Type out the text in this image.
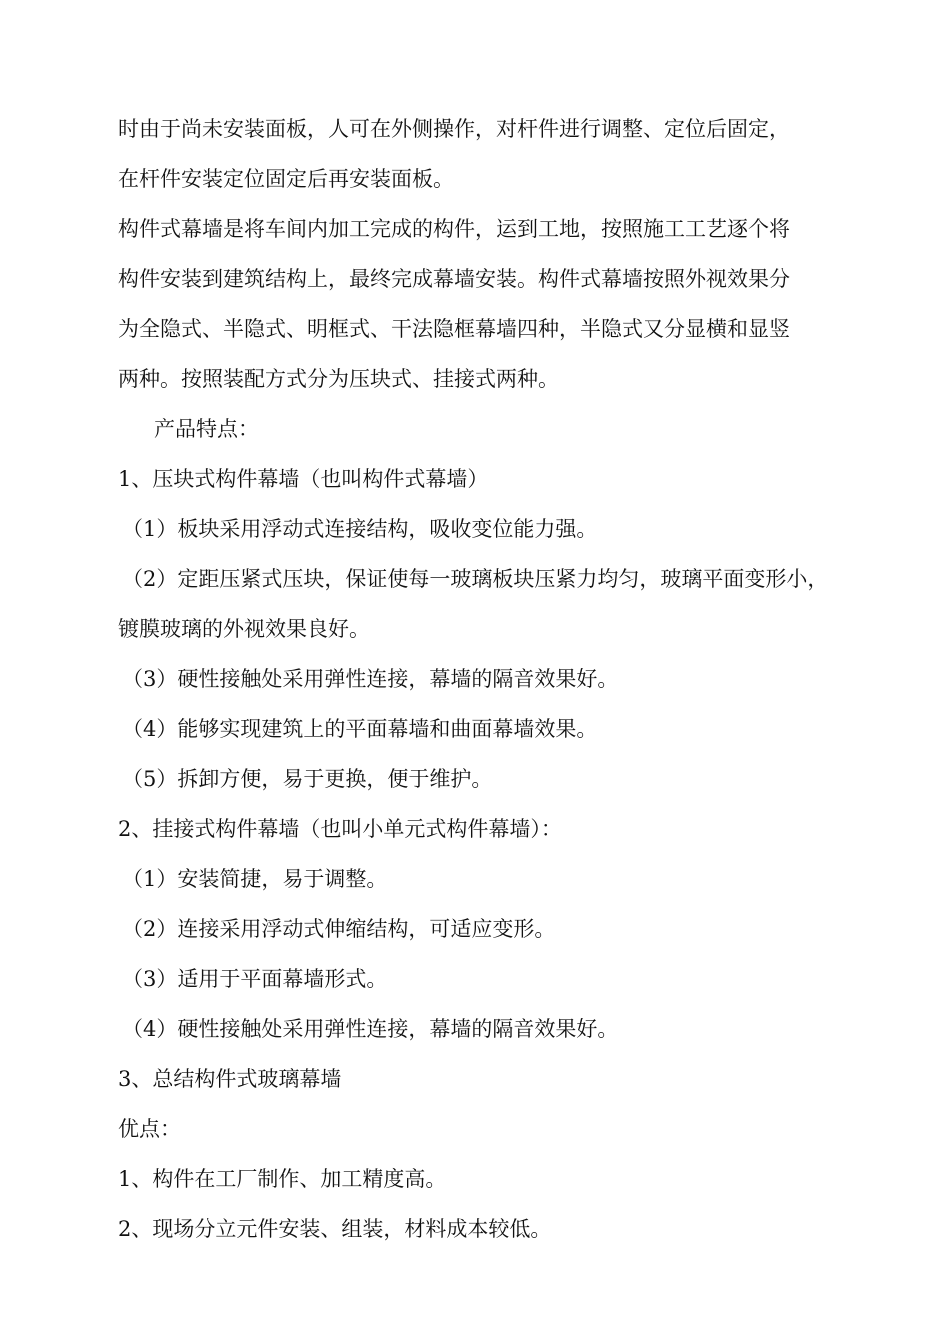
时由于尚未安装面板，人可在外侧操作，对杆件进行调整、定位后固定，
在杆件安装定位固定后再安装面板。
构件式幕墙是将车间内加工完成的构件，运到工地，按照施工工艺逐个将
构件安装到建筑结构上，最终完成幕墙安装。构件式幕墙按照外视效果分
为全隐式、半隐式、明框式、干法隐框幕墙四种，半隐式又分显横和显竖
两种。按照装配方式分为压块式、挂接式两种。
产品特点：
1、压块式构件幕墙（也叫构件式幕墙）
（1）板块采用浮动式连接结构，吸收变位能力强。
（2）定距压紧式压块，保证使每一玻璃板块压紧力均匀，玻璃平面变形小，
镀膜玻璃的外视效果良好。
（3）硬性接触处采用弹性连接，幕墙的隔音效果好。
（4）能够实现建筑上的平面幕墙和曲面幕墙效果。
（5）拆卸方便，易于更换，便于维护。
2、挂接式构件幕墙（也叫小单元式构件幕墙）：
（1）安装简捷，易于调整。
（2）连接采用浮动式伸缩结构，可适应变形。
（3）适用于平面幕墙形式。
（4）硬性接触处采用弹性连接，幕墙的隔音效果好。
3、总结构件式玻璃幕墙
优点：
1、构件在工厂制作、加工精度高。
2、现场分立元件安装、组装，材料成本较低。
